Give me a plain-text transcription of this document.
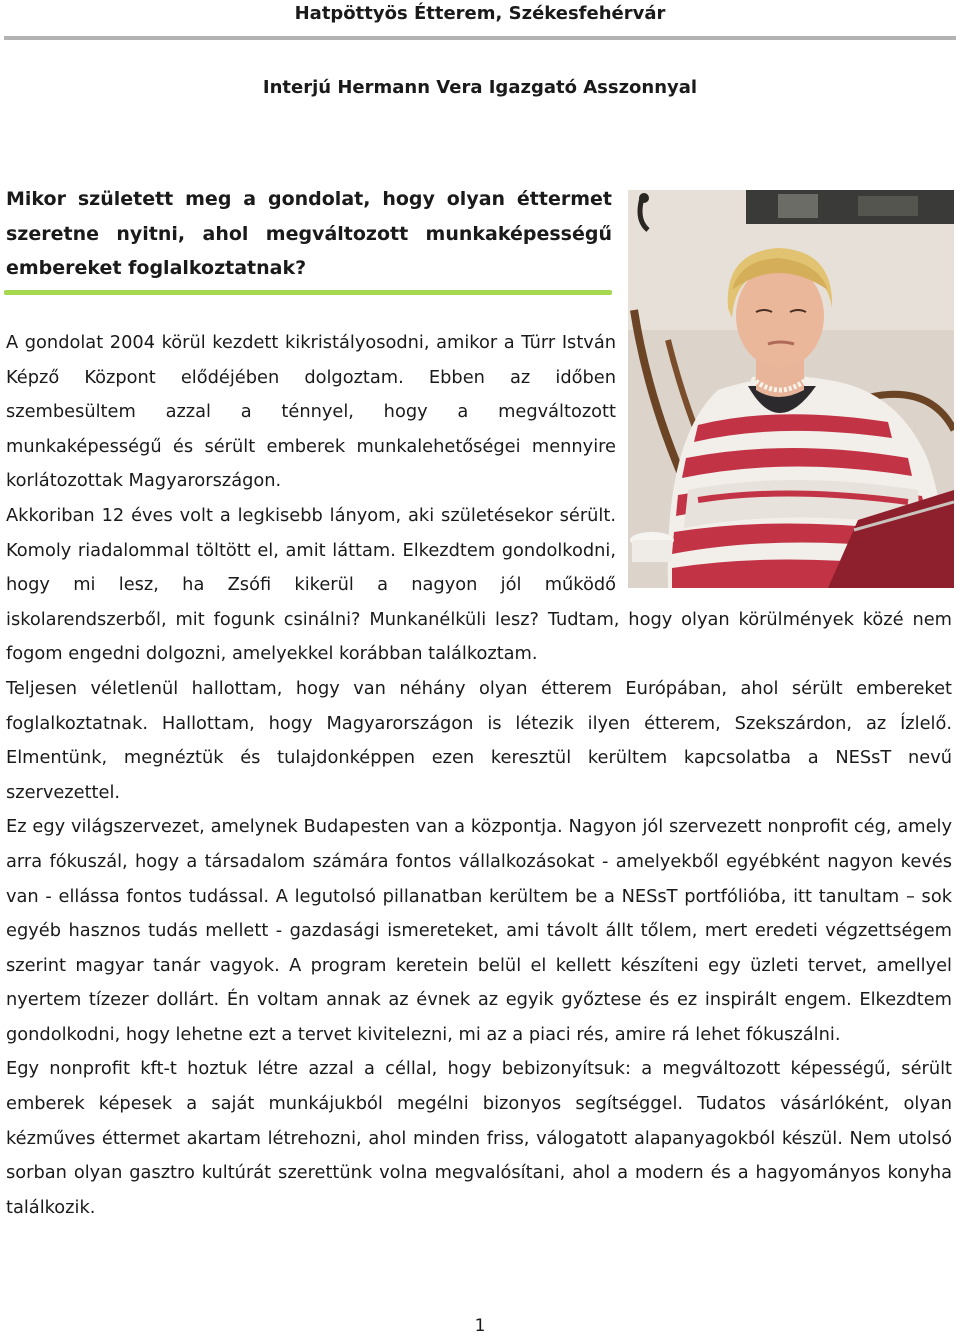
Hatpöttyös Étterem, Székesfehérvár
Interjú Hermann Vera Igazgató Asszonnyal

Mikor született meg a gondolat, hogy olyan éttermet szeretne nyitni, ahol megváltozott munkaképességű embereket foglalkoztatnak?

A gondolat 2004 körül kezdett kikristályosodni, amikor a Türr István Képző Központ elődéjében dolgoztam. Ebben az időben szembesültem azzal a ténnyel, hogy a megváltozott munkaképességű és sérült emberek munkalehetőségei mennyire korlátozottak Magyarországon.

Akkoriban 12 éves volt a legkisebb lányom, aki születésekor sérült. Komoly riadalommal töltött el, amit láttam. Elkezdtem gondolkodni, hogy mi lesz, ha Zsófi kikerül a nagyon jól működő iskolarendszerből, mit fogunk csinálni? Munkanélküli lesz? Tudtam, hogy olyan körülmények közé nem fogom engedni dolgozni, amelyekkel korábban találkoztam.

Teljesen véletlenül hallottam, hogy van néhány olyan étterem Európában, ahol sérült embereket foglalkoztatnak. Hallottam, hogy Magyarországon is létezik ilyen étterem, Szekszárdon, az Ízlelő. Elmentünk, megnéztük és tulajdonképpen ezen keresztül kerültem kapcsolatba a NESsT nevű szervezettel.

Ez egy világszervezet, amelynek Budapesten van a központja. Nagyon jól szervezett nonprofit cég, amely arra fókuszál, hogy a társadalom számára fontos vállalkozásokat - amelyekből egyébként nagyon kevés van - ellássa fontos tudással. A legutolsó pillanatban kerültem be a NESsT portfólióba, itt tanultam – sok egyéb hasznos tudás mellett - gazdasági ismereteket, ami távolt állt tőlem, mert eredeti végzettségem szerint magyar tanár vagyok. A program keretein belül el kellett készíteni egy üzleti tervet, amellyel nyertem tízezer dollárt. Én voltam annak az évnek az egyik győztese és ez inspirált engem. Elkezdtem gondolkodni, hogy lehetne ezt a tervet kivitelezni, mi az a piaci rés, amire rá lehet fókuszálni.

Egy nonprofit kft-t hoztuk létre azzal a céllal, hogy bebizonyítsuk: a megváltozott képességű, sérült emberek képesek a saját munkájukból megélni bizonyos segítséggel. Tudatos vásárlóként, olyan kézműves éttermet akartam létrehozni, ahol minden friss, válogatott alapanyagokból készül. Nem utolsó sorban olyan gasztro kultúrát szerettünk volna megvalósítani, ahol a modern és a hagyományos konyha találkozik.

1
